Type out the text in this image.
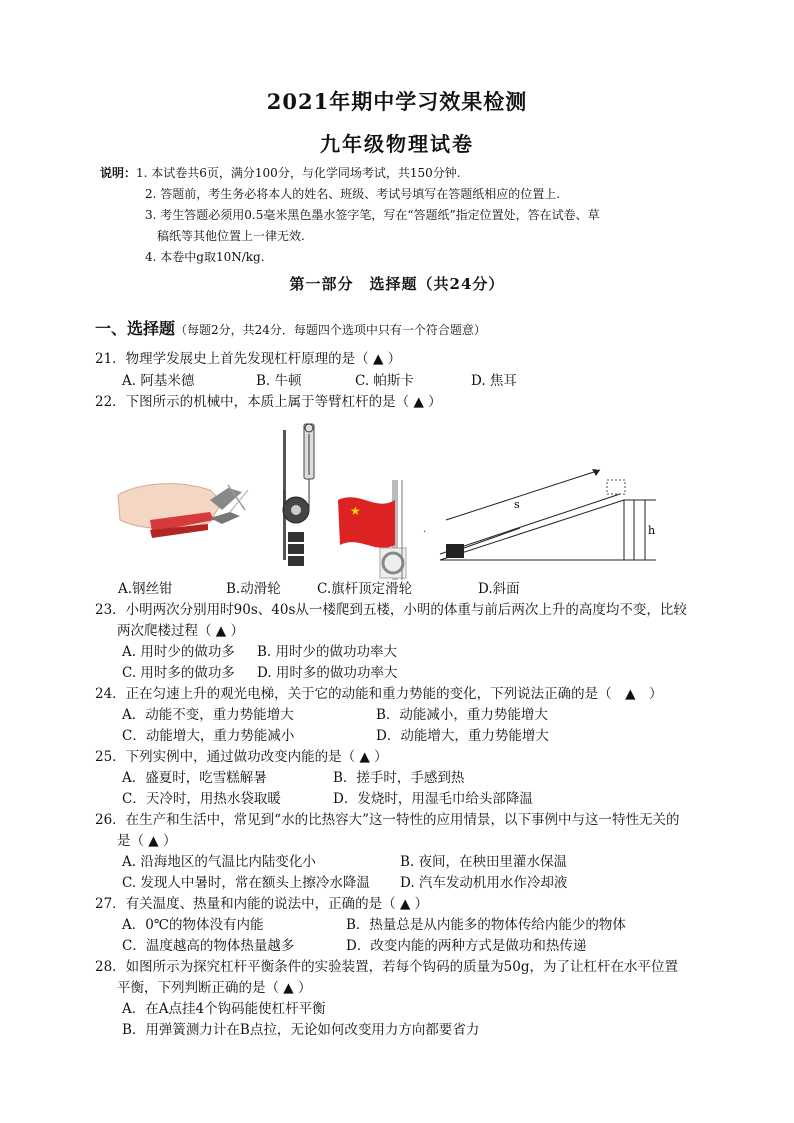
2021年期中学习效果检测
九年级物理试卷
说明：1. 本试卷共6页，满分100分，与化学同场考试，共150分钟.
2. 答题前，考生务必将本人的姓名、班级、考试号填写在答题纸相应的位置上.
3. 考生答题必须用0.5毫米黑色墨水签字笔，写在“答题纸”指定位置处，答在试卷、草
稿纸等其他位置上一律无效.
4. 本卷中g取10N/kg.
第一部分　选择题（共24分）
一、选择题（每题2分，共24分．每题四个选项中只有一个符合题意）
21．物理学发展史上首先发现杠杆原理的是（ ▲ ）
A. 阿基米德	B. 牛顿	C. 帕斯卡	D. 焦耳
22．下图所示的机械中，本质上属于等臂杠杆的是（ ▲ ）
★
.
s
h
A.钢丝钳	B.动滑轮	C.旗杆顶定滑轮	D.斜面
23．小明两次分别用时90s、40s从一楼爬到五楼，小明的体重与前后两次上升的高度均不变，比较
两次爬楼过程（ ▲ ）
A. 用时少的做功多 B. 用时少的做功功率大
C. 用时多的做功多 D. 用时多的做功功率大
24．正在匀速上升的观光电梯，关于它的动能和重力势能的变化，下列说法正确的是（　▲　）
A．动能不变，重力势能增大	B．动能减小，重力势能增大
C．动能增大，重力势能减小	D．动能增大，重力势能增大
25．下列实例中，通过做功改变内能的是（ ▲ ）
A．盛夏时，吃雪糕解暑	B．搓手时，手感到热
C．天冷时，用热水袋取暖	D．发烧时，用湿毛巾给头部降温
26．在生产和生活中，常见到“水的比热容大”这一特性的应用情景，以下事例中与这一特性无关的
是（ ▲ ）
A. 沿海地区的气温比内陆变化小	B. 夜间，在秧田里灌水保温
C. 发现人中暑时，常在额头上擦冷水降温 D. 汽车发动机用水作冷却液
27．有关温度、热量和内能的说法中，正确的是（ ▲ ）
A．0℃的物体没有内能	B．热量总是从内能多的物体传给内能少的物体
C．温度越高的物体热量越多	D．改变内能的两种方式是做功和热传递
28．如图所示为探究杠杆平衡条件的实验装置，若每个钩码的质量为50g，为了让杠杆在水平位置
平衡，下列判断正确的是（ ▲ ）
A．在A点挂4个钩码能使杠杆平衡
B．用弹簧测力计在B点拉，无论如何改变用力方向都要省力
